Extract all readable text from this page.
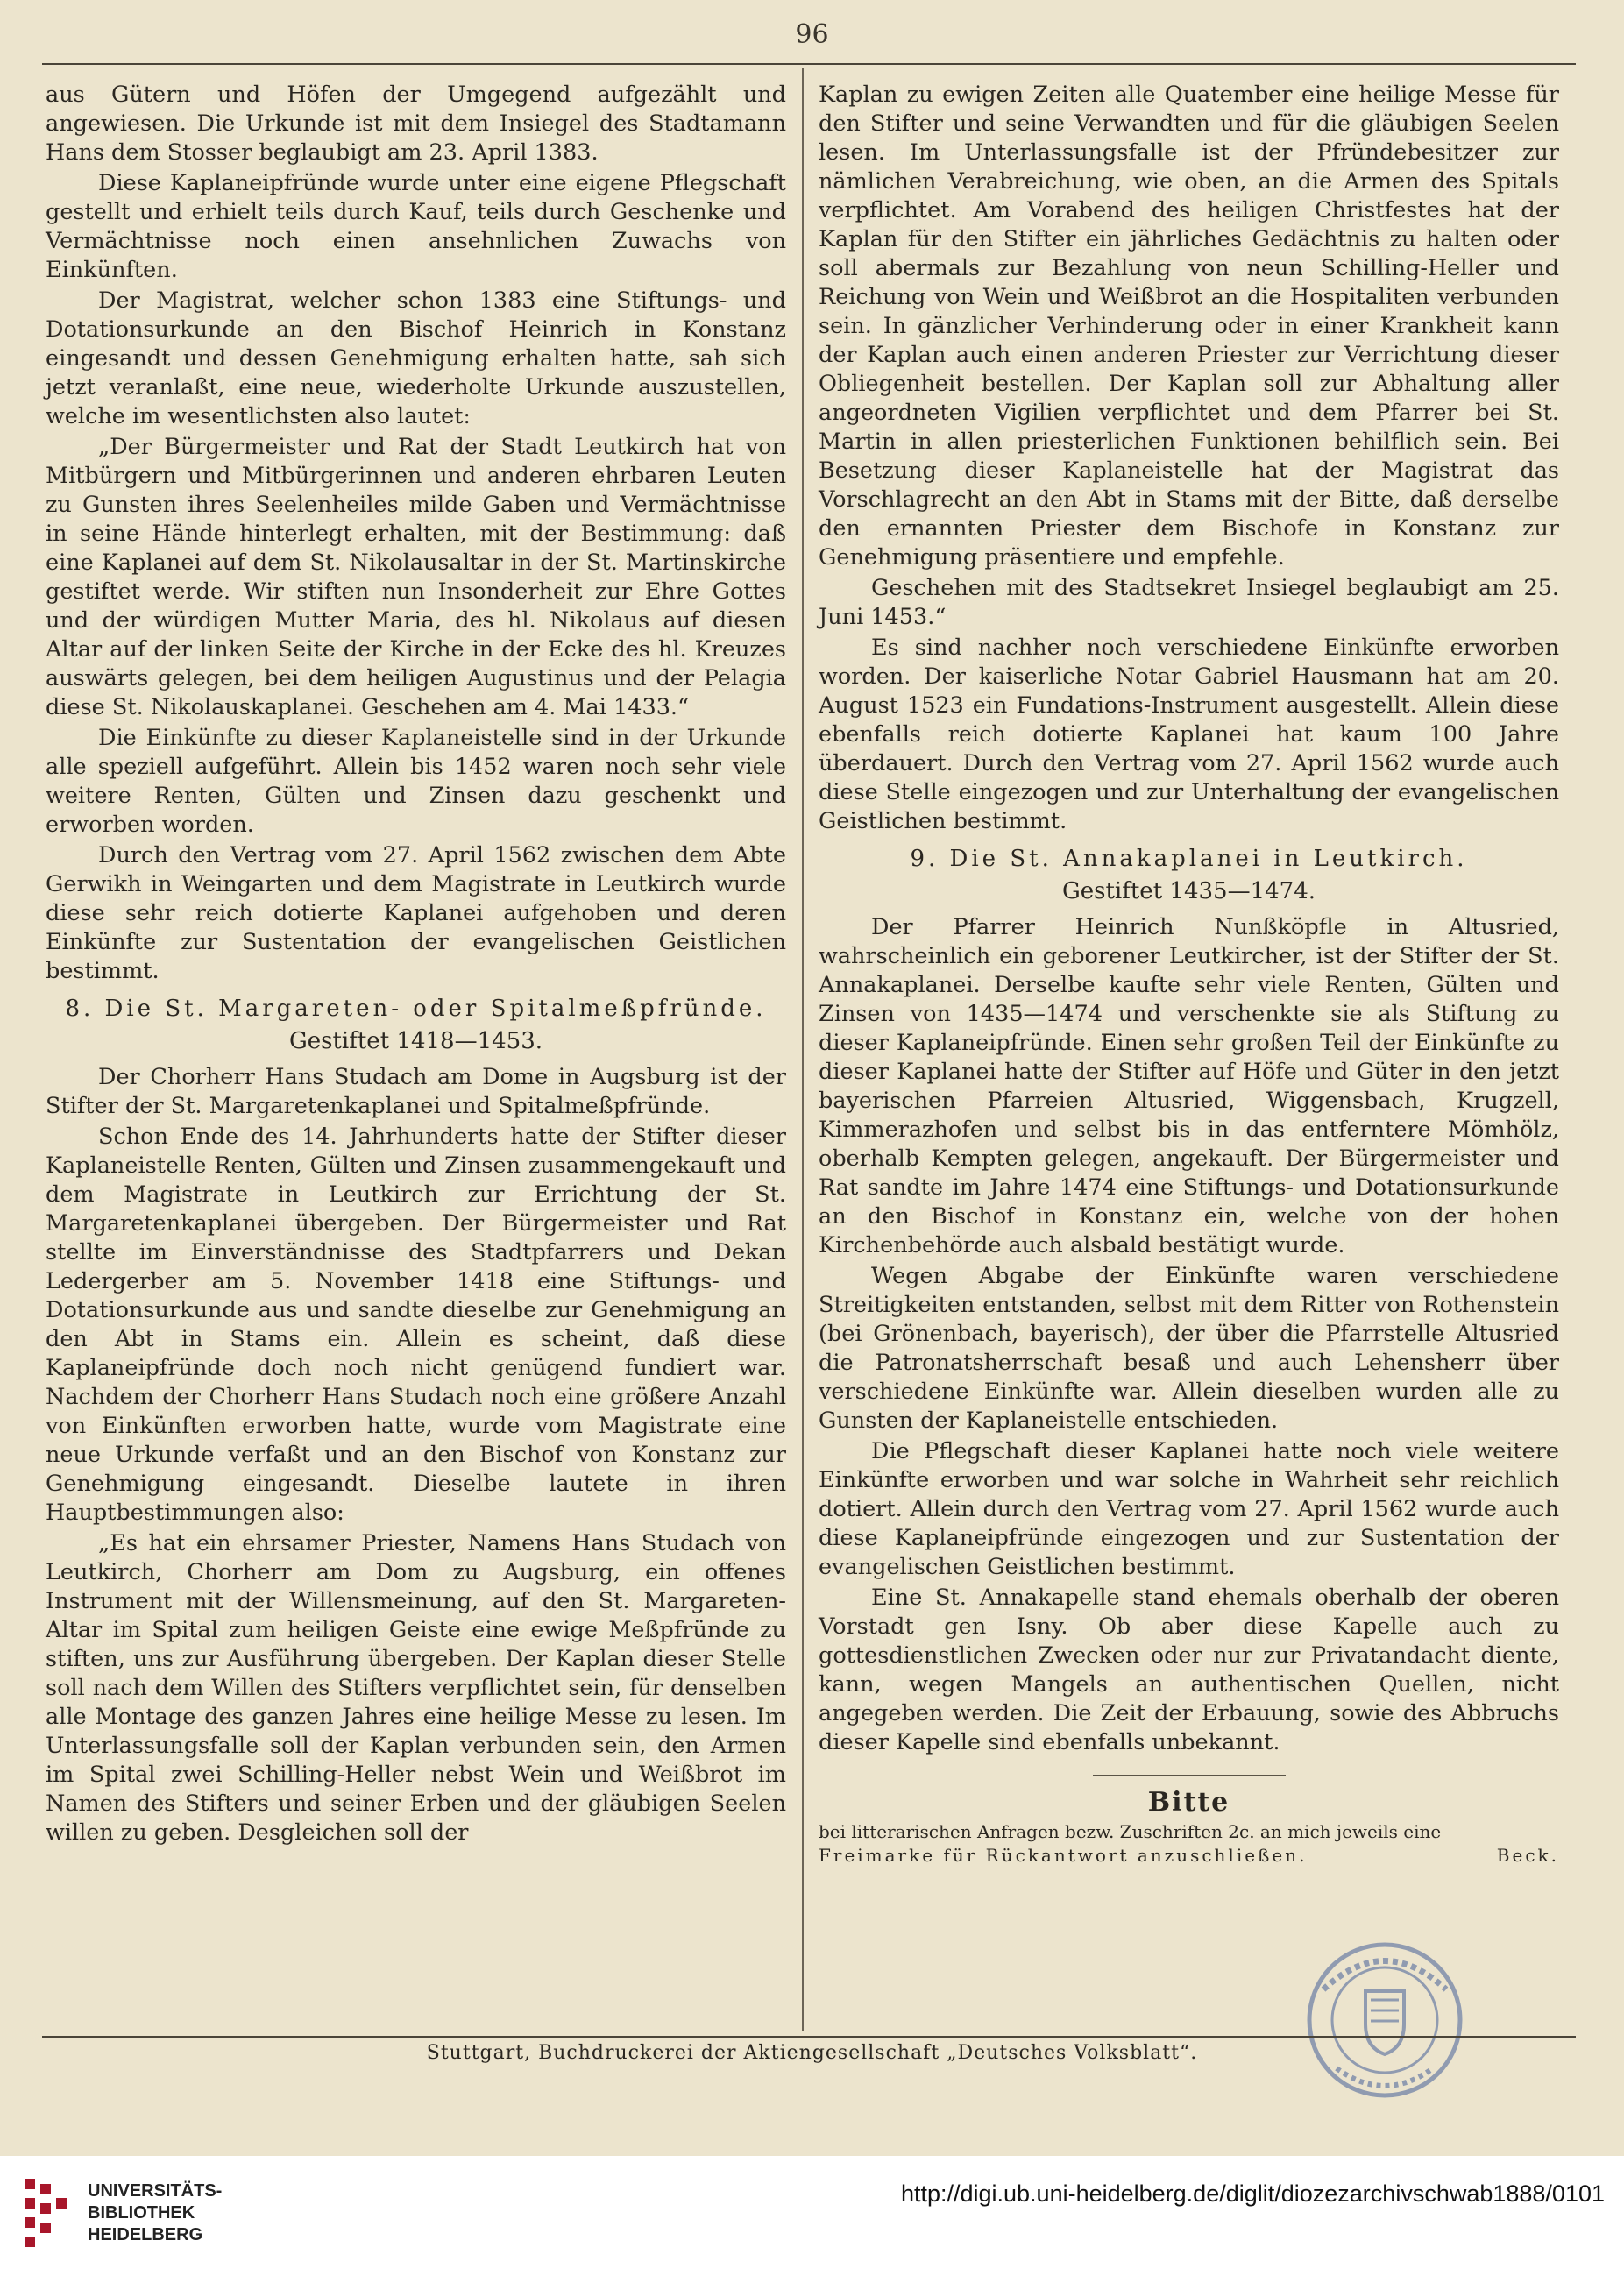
96

aus Gütern und Höfen der Umgegend aufgezählt und angewiesen. Die Urkunde ist mit dem Insiegel des Stadtamann Hans dem Stosser beglaubigt am 23. April 1383.

Diese Kaplaneipfründe wurde unter eine eigene Pflegschaft gestellt und erhielt teils durch Kauf, teils durch Geschenke und Vermächtnisse noch einen ansehnlichen Zuwachs von Einkünften.

Der Magistrat, welcher schon 1383 eine Stiftungs- und Dotationsurkunde an den Bischof Heinrich in Konstanz eingesandt und dessen Genehmigung erhalten hatte, sah sich jetzt veranlaßt, eine neue, wiederholte Urkunde auszustellen, welche im wesentlichsten also lautet:

„Der Bürgermeister und Rat der Stadt Leutkirch hat von Mitbürgern und Mitbürgerinnen und anderen ehrbaren Leuten zu Gunsten ihres Seelenheiles milde Gaben und Vermächtnisse in seine Hände hinterlegt erhalten, mit der Bestimmung: daß eine Kaplanei auf dem St. Nikolausaltar in der St. Martinskirche gestiftet werde. Wir stiften nun Insonderheit zur Ehre Gottes und der würdigen Mutter Maria, des hl. Nikolaus auf diesen Altar auf der linken Seite der Kirche in der Ecke des hl. Kreuzes auswärts gelegen, bei dem heiligen Augustinus und der Pelagia diese St. Nikolauskaplanei. Geschehen am 4. Mai 1433.“

Die Einkünfte zu dieser Kaplaneistelle sind in der Urkunde alle speziell aufgeführt. Allein bis 1452 waren noch sehr viele weitere Renten, Gülten und Zinsen dazu geschenkt und erworben worden.

Durch den Vertrag vom 27. April 1562 zwischen dem Abte Gerwikh in Weingarten und dem Magistrate in Leutkirch wurde diese sehr reich dotierte Kaplanei aufgehoben und deren Einkünfte zur Sustentation der evangelischen Geistlichen bestimmt.

8. Die St. Margareten- oder Spitalmeßpfründe.
Gestiftet 1418—1453.

Der Chorherr Hans Studach am Dome in Augsburg ist der Stifter der St. Margaretenkaplanei und Spitalmeßpfründe.

Schon Ende des 14. Jahrhunderts hatte der Stifter dieser Kaplaneistelle Renten, Gülten und Zinsen zusammengekauft und dem Magistrate in Leutkirch zur Errichtung der St. Margaretenkaplanei übergeben. Der Bürgermeister und Rat stellte im Einverständnisse des Stadtpfarrers und Dekan Ledergerber am 5. November 1418 eine Stiftungs- und Dotationsurkunde aus und sandte dieselbe zur Genehmigung an den Abt in Stams ein. Allein es scheint, daß diese Kaplaneipfründe doch noch nicht genügend fundiert war. Nachdem der Chorherr Hans Studach noch eine größere Anzahl von Einkünften erworben hatte, wurde vom Magistrate eine neue Urkunde verfaßt und an den Bischof von Konstanz zur Genehmigung eingesandt. Dieselbe lautete in ihren Hauptbestimmungen also:

„Es hat ein ehrsamer Priester, Namens Hans Studach von Leutkirch, Chorherr am Dom zu Augsburg, ein offenes Instrument mit der Willensmeinung, auf den St. Margareten-Altar im Spital zum heiligen Geiste eine ewige Meßpfründe zu stiften, uns zur Ausführung übergeben. Der Kaplan dieser Stelle soll nach dem Willen des Stifters verpflichtet sein, für denselben alle Montage des ganzen Jahres eine heilige Messe zu lesen. Im Unterlassungsfalle soll der Kaplan verbunden sein, den Armen im Spital zwei Schilling-Heller nebst Wein und Weißbrot im Namen des Stifters und seiner Erben und der gläubigen Seelen willen zu geben. Desgleichen soll der

Kaplan zu ewigen Zeiten alle Quatember eine heilige Messe für den Stifter und seine Verwandten und für die gläubigen Seelen lesen. Im Unterlassungsfalle ist der Pfründebesitzer zur nämlichen Verabreichung, wie oben, an die Armen des Spitals verpflichtet. Am Vorabend des heiligen Christfestes hat der Kaplan für den Stifter ein jährliches Gedächtnis zu halten oder soll abermals zur Bezahlung von neun Schilling-Heller und Reichung von Wein und Weißbrot an die Hospitaliten verbunden sein. In gänzlicher Verhinderung oder in einer Krankheit kann der Kaplan auch einen anderen Priester zur Verrichtung dieser Obliegenheit bestellen. Der Kaplan soll zur Abhaltung aller angeordneten Vigilien verpflichtet und dem Pfarrer bei St. Martin in allen priesterlichen Funktionen behilflich sein. Bei Besetzung dieser Kaplaneistelle hat der Magistrat das Vorschlagrecht an den Abt in Stams mit der Bitte, daß derselbe den ernannten Priester dem Bischofe in Konstanz zur Genehmigung präsentiere und empfehle.

Geschehen mit des Stadtsekret Insiegel beglaubigt am 25. Juni 1453.“

Es sind nachher noch verschiedene Einkünfte erworben worden. Der kaiserliche Notar Gabriel Hausmann hat am 20. August 1523 ein Fundations-Instrument ausgestellt. Allein diese ebenfalls reich dotierte Kaplanei hat kaum 100 Jahre überdauert. Durch den Vertrag vom 27. April 1562 wurde auch diese Stelle eingezogen und zur Unterhaltung der evangelischen Geistlichen bestimmt.

9. Die St. Annakaplanei in Leutkirch.
Gestiftet 1435—1474.

Der Pfarrer Heinrich Nunßköpfle in Altusried, wahrscheinlich ein geborener Leutkircher, ist der Stifter der St. Annakaplanei. Derselbe kaufte sehr viele Renten, Gülten und Zinsen von 1435—1474 und verschenkte sie als Stiftung zu dieser Kaplaneipfründe. Einen sehr großen Teil der Einkünfte zu dieser Kaplanei hatte der Stifter auf Höfe und Güter in den jetzt bayerischen Pfarreien Altusried, Wiggensbach, Krugzell, Kimmerazhofen und selbst bis in das entferntere Mömhölz, oberhalb Kempten gelegen, angekauft. Der Bürgermeister und Rat sandte im Jahre 1474 eine Stiftungs- und Dotationsurkunde an den Bischof in Konstanz ein, welche von der hohen Kirchenbehörde auch alsbald bestätigt wurde.

Wegen Abgabe der Einkünfte waren verschiedene Streitigkeiten entstanden, selbst mit dem Ritter von Rothenstein (bei Grönenbach, bayerisch), der über die Pfarrstelle Altusried die Patronatsherrschaft besaß und auch Lehensherr über verschiedene Einkünfte war. Allein dieselben wurden alle zu Gunsten der Kaplaneistelle entschieden.

Die Pflegschaft dieser Kaplanei hatte noch viele weitere Einkünfte erworben und war solche in Wahrheit sehr reichlich dotiert. Allein durch den Vertrag vom 27. April 1562 wurde auch diese Kaplaneipfründe eingezogen und zur Sustentation der evangelischen Geistlichen bestimmt.

Eine St. Annakapelle stand ehemals oberhalb der oberen Vorstadt gen Isny. Ob aber diese Kapelle auch zu gottesdienstlichen Zwecken oder nur zur Privatandacht diente, kann, wegen Mangels an authentischen Quellen, nicht angegeben werden. Die Zeit der Erbauung, sowie des Abbruchs dieser Kapelle sind ebenfalls unbekannt.

Bitte

bei litterarischen Anfragen bezw. Zuschriften 2c. an mich jeweils eine
Freimarke für Rückantwort anzuschließen.	Beck.

Stuttgart, Buchdruckerei der Aktiengesellschaft „Deutsches Volksblatt“.
UNIVERSITÄTS-
BIBLIOTHEK
HEIDELBERG
http://digi.ub.uni-heidelberg.de/diglit/diozezarchivschwab1888/0101
